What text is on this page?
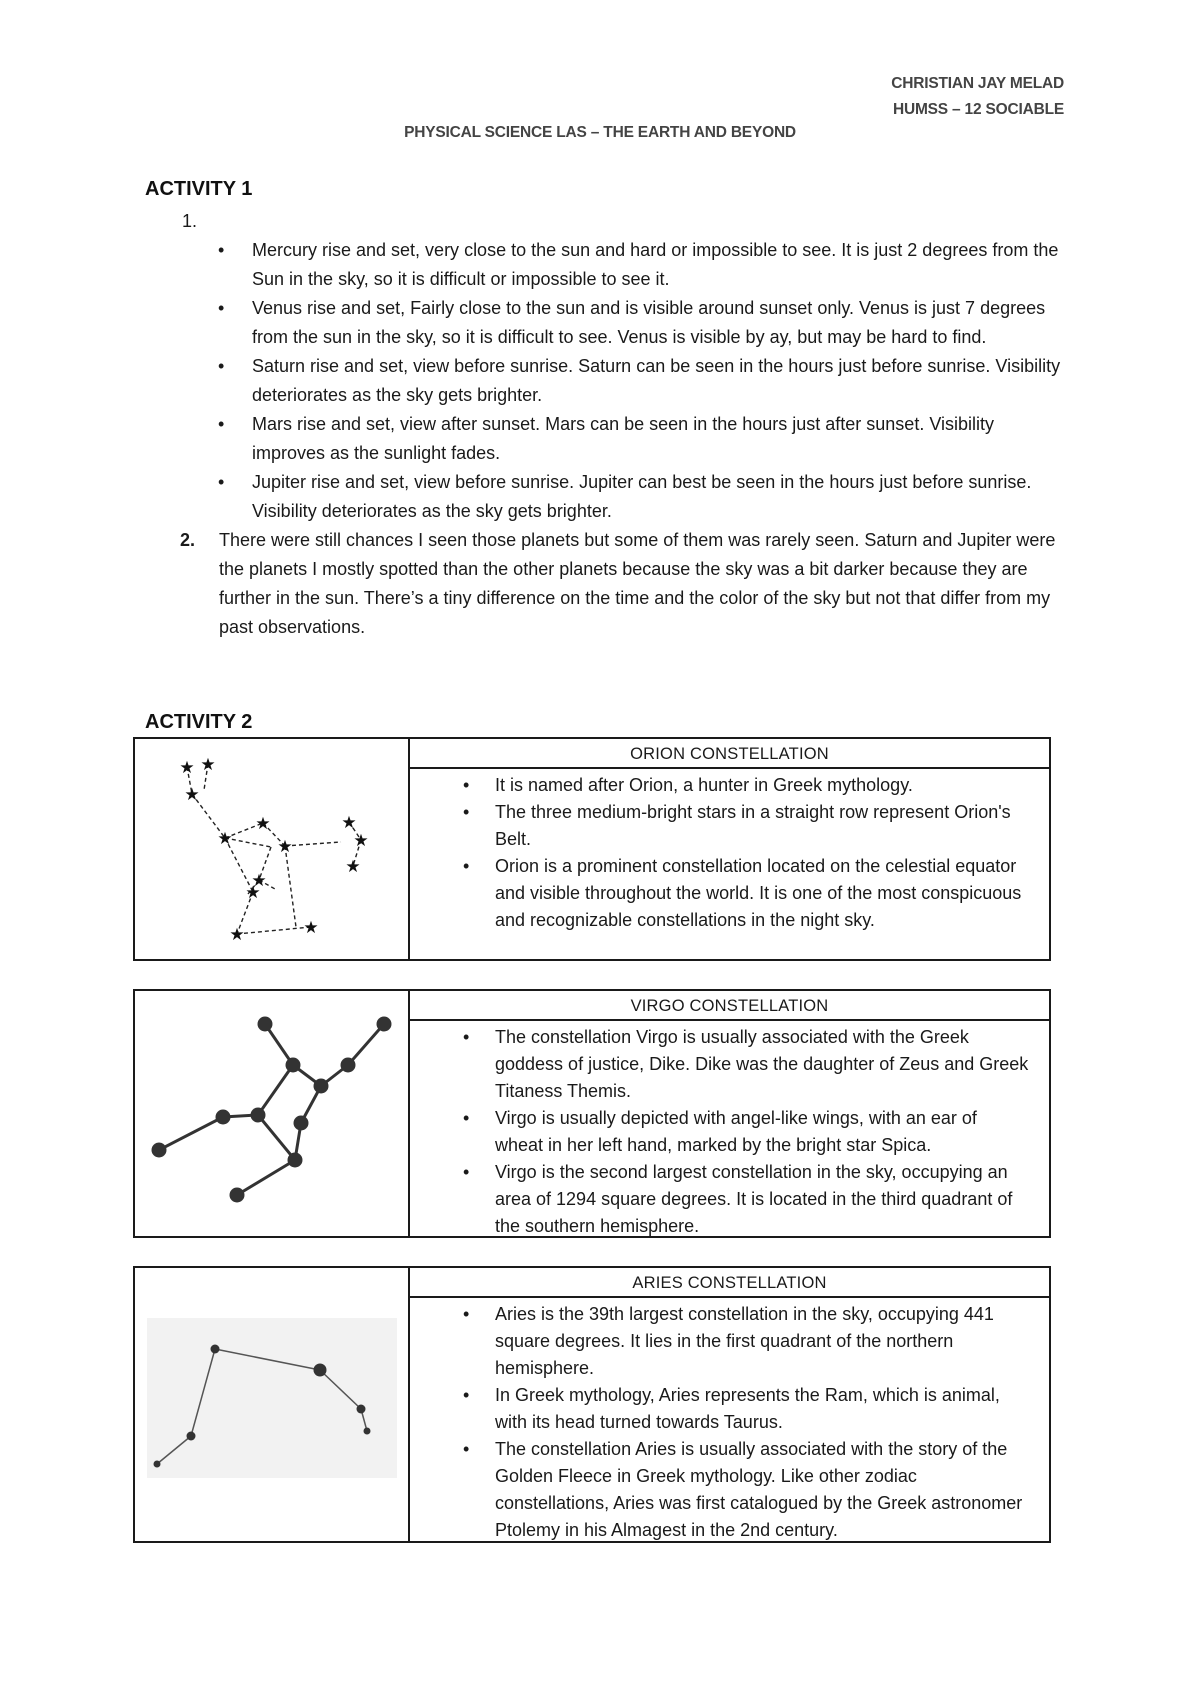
CHRISTIAN JAY MELAD
HUMSS – 12 SOCIABLE
PHYSICAL SCIENCE LAS – THE EARTH AND BEYOND
ACTIVITY 1
1.
• Mercury rise and set, very close to the sun and hard or impossible to see. It is just 2 degrees from the Sun in the sky, so it is difficult or impossible to see it.
• Venus rise and set, Fairly close to the sun and is visible around sunset only. Venus is just 7 degrees from the sun in the sky, so it is difficult to see. Venus is visible by ay, but may be hard to find.
• Saturn rise and set, view before sunrise. Saturn can be seen in the hours just before sunrise. Visibility deteriorates as the sky gets brighter.
• Mars rise and set, view after sunset. Mars can be seen in the hours just after sunset. Visibility improves as the sunlight fades.
• Jupiter rise and set, view before sunrise. Jupiter can best be seen in the hours just before sunrise. Visibility deteriorates as the sky gets brighter.
2. There were still chances I seen those planets but some of them was rarely seen. Saturn and Jupiter were the planets I mostly spotted than the other planets because the sky was a bit darker because they are further in the sun. There’s a tiny difference on the time and the color of the sky but not that differ from my past observations.
ACTIVITY 2
★ ★
★
★
★
★
★
★
★	★
★
★
★
ORION CONSTELLATION
• It is named after Orion, a hunter in Greek mythology.
• The three medium-bright stars in a straight row represent Orion's Belt.
• Orion is a prominent constellation located on the celestial equator and visible throughout the world. It is one of the most conspicuous and recognizable constellations in the night sky.
VIRGO CONSTELLATION
• The constellation Virgo is usually associated with the Greek goddess of justice, Dike. Dike was the daughter of Zeus and Greek Titaness Themis.
• Virgo is usually depicted with angel-like wings, with an ear of wheat in her left hand, marked by the bright star Spica.
• Virgo is the second largest constellation in the sky, occupying an area of 1294 square degrees. It is located in the third quadrant of the southern hemisphere.
ARIES CONSTELLATION
• Aries is the 39th largest constellation in the sky, occupying 441 square degrees. It lies in the first quadrant of the northern hemisphere.
• In Greek mythology, Aries represents the Ram, which is animal, with its head turned towards Taurus.
• The constellation Aries is usually associated with the story of the Golden Fleece in Greek mythology. Like other zodiac constellations, Aries was first catalogued by the Greek astronomer Ptolemy in his Almagest in the 2nd century.
